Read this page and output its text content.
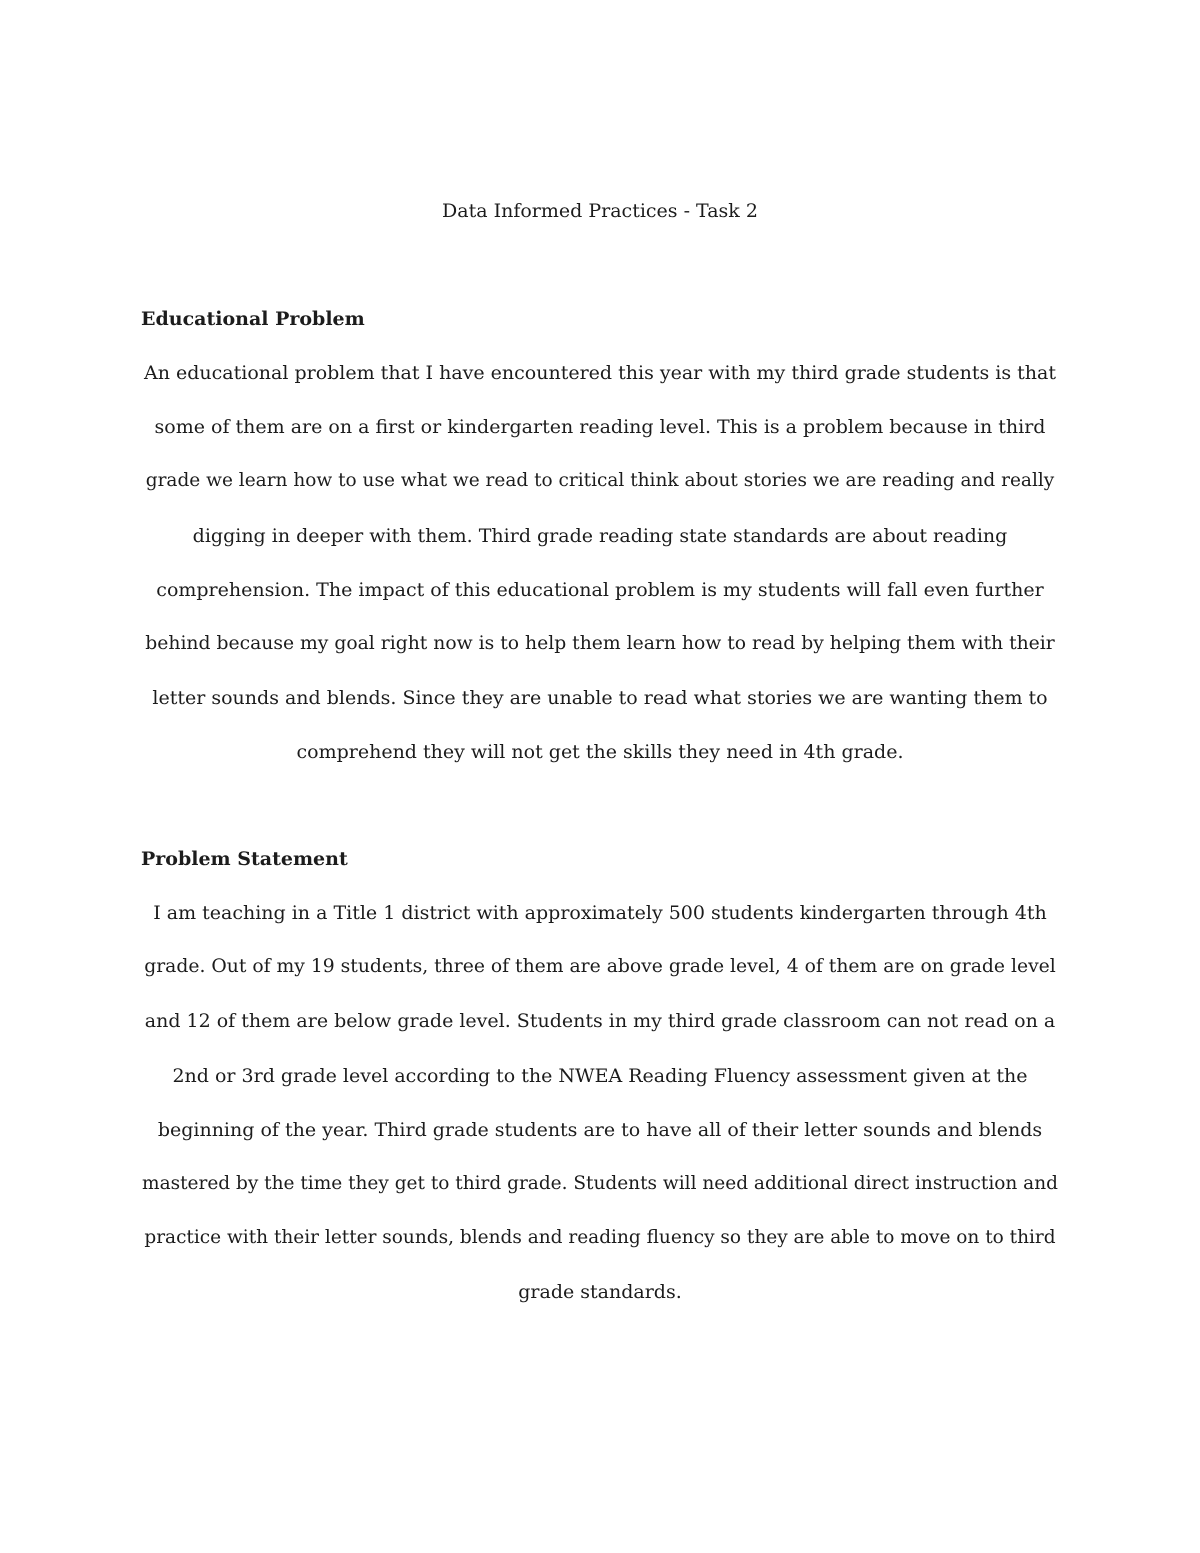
Data Informed Practices - Task 2
Educational Problem

An educational problem that I have encountered this year with my third grade students is that
some of them are on a first or kindergarten reading level. This is a problem because in third
grade we learn how to use what we read to critical think about stories we are reading and really
digging in deeper with them. Third grade reading state standards are about reading
comprehension. The impact of this educational problem is my students will fall even further
behind because my goal right now is to help them learn how to read by helping them with their
letter sounds and blends. Since they are unable to read what stories we are wanting them to
comprehend they will not get the skills they need in 4th grade.

Problem Statement

I am teaching in a Title 1 district with approximately 500 students kindergarten through 4th
grade. Out of my 19 students, three of them are above grade level, 4 of them are on grade level
and 12 of them are below grade level. Students in my third grade classroom can not read on a
2nd or 3rd grade level according to the NWEA Reading Fluency assessment given at the
beginning of the year. Third grade students are to have all of their letter sounds and blends
mastered by the time they get to third grade. Students will need additional direct instruction and
practice with their letter sounds, blends and reading fluency so they are able to move on to third
grade standards.
